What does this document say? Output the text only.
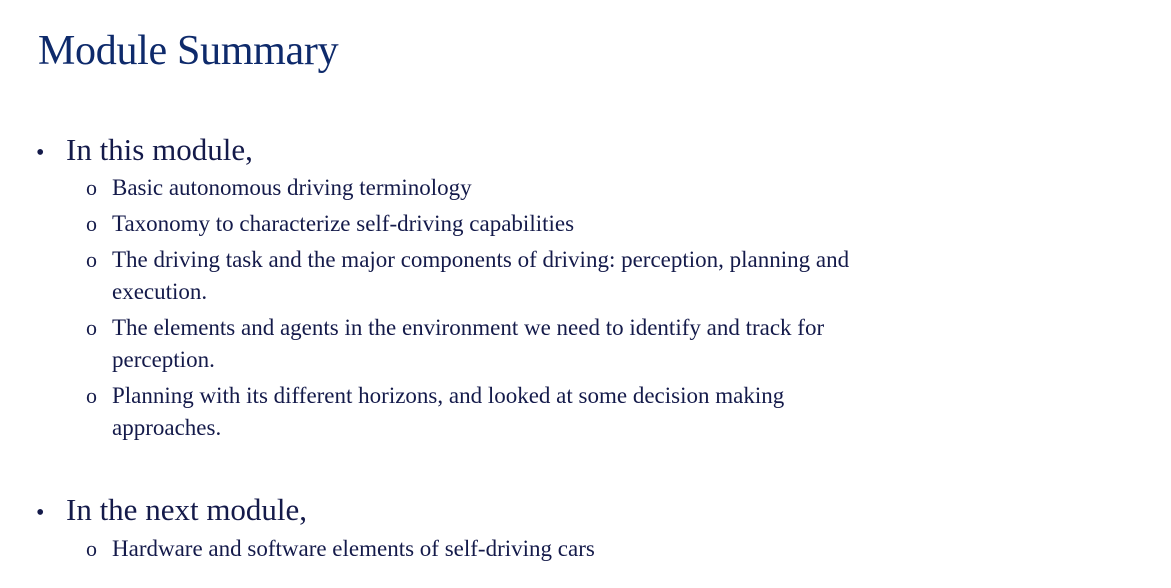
Module Summary
• In this module,
o Basic autonomous driving terminology
o Taxonomy to characterize self-driving capabilities
o The driving task and the major components of driving: perception, planning and execution.
o The elements and agents in the environment we need to identify and track for perception.
o Planning with its different horizons, and looked at some decision making approaches.
• In the next module,
o Hardware and software elements of self-driving cars
